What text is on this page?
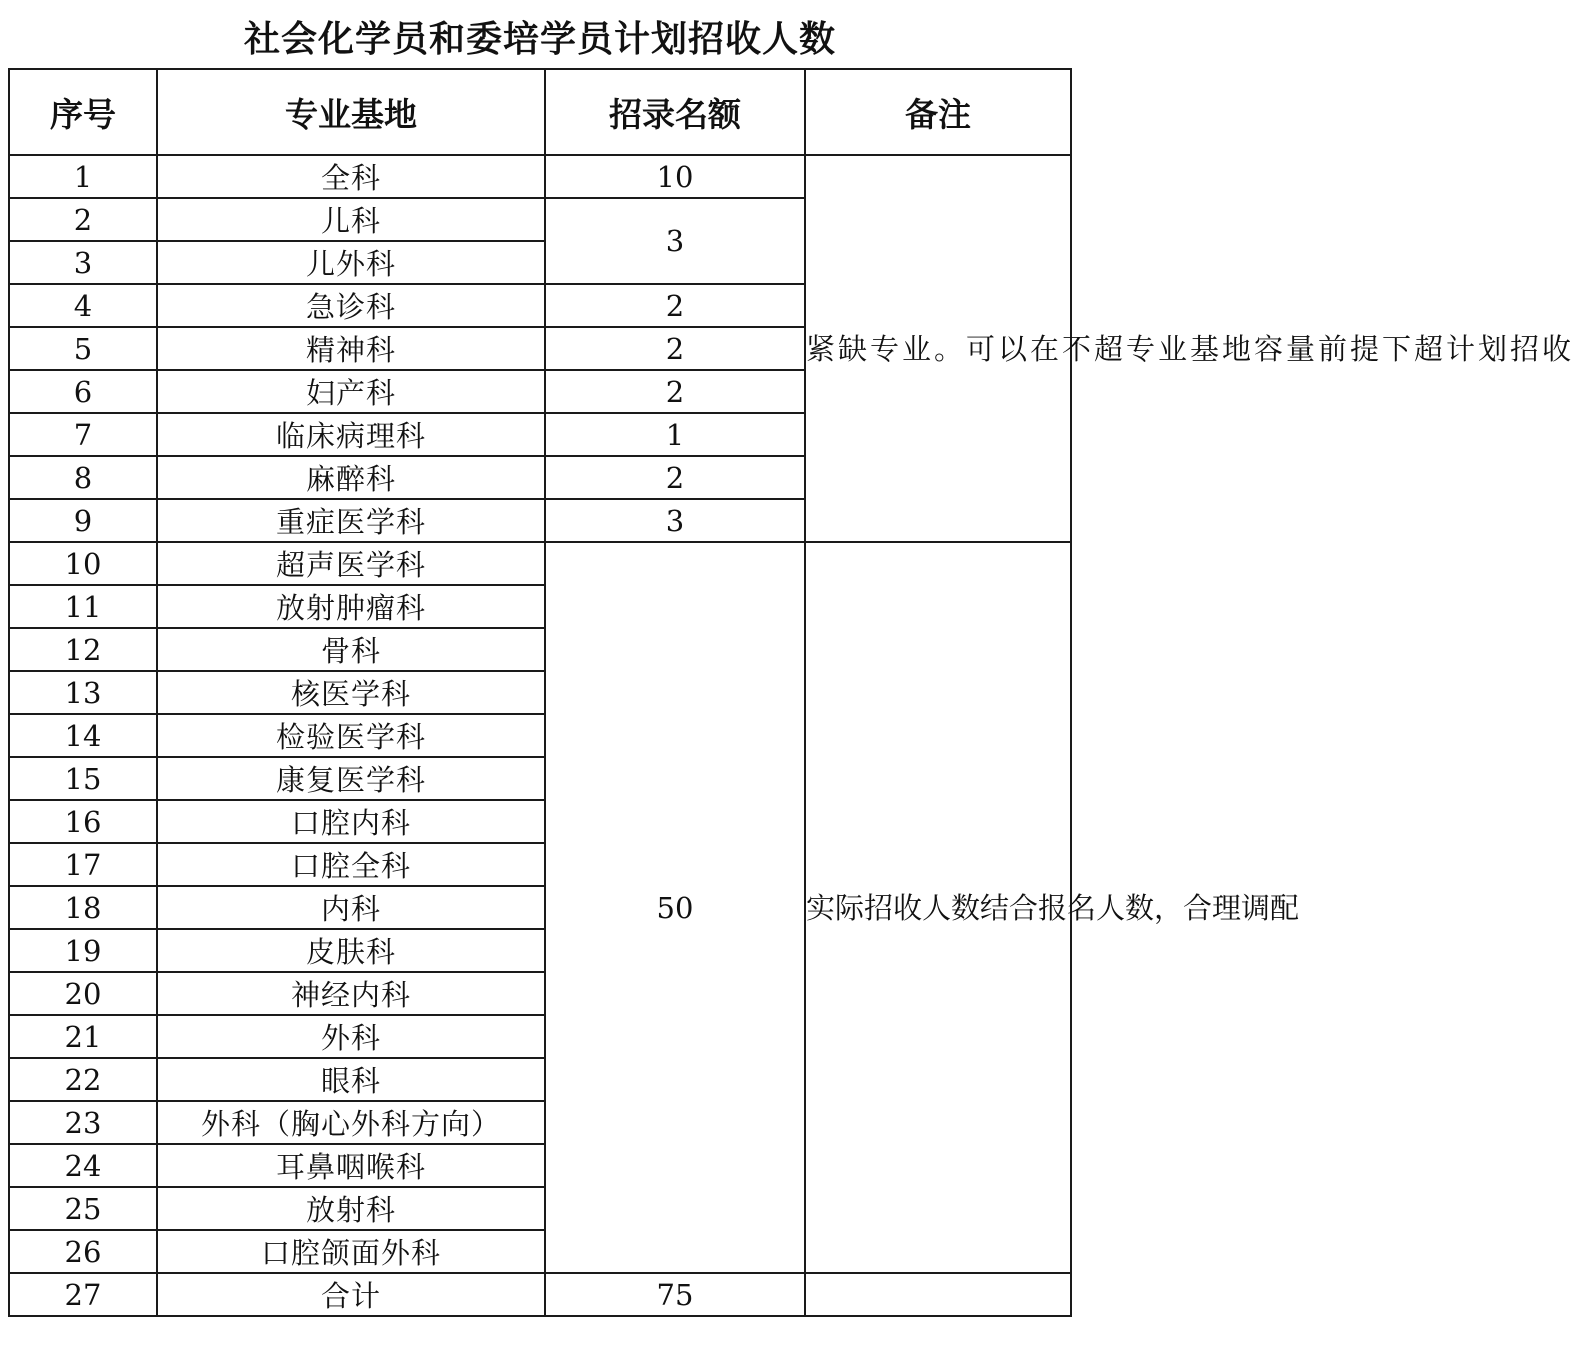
社会化学员和委培学员计划招收人数
序号	专业基地	招录名额	备注
1	全科	10	紧缺专业。可以在不超专业基地容量前提下超计划招收
2	儿科	3	
3	儿外科		
4	急诊科	2	
5	精神科	2	
6	妇产科	2	
7	临床病理科	1	
8	麻醉科	2	
9	重症医学科	3	
10	超声医学科	50	实际招收人数结合报名人数，合理调配
11	放射肿瘤科		
12	骨科		
13	核医学科		
14	检验医学科		
15	康复医学科		
16	口腔内科		
17	口腔全科		
18	内科		
19	皮肤科		
20	神经内科		
21	外科		
22	眼科		
23	外科（胸心外科方向）		
24	耳鼻咽喉科		
25	放射科		
26	口腔颌面外科		
27	合计	75	
